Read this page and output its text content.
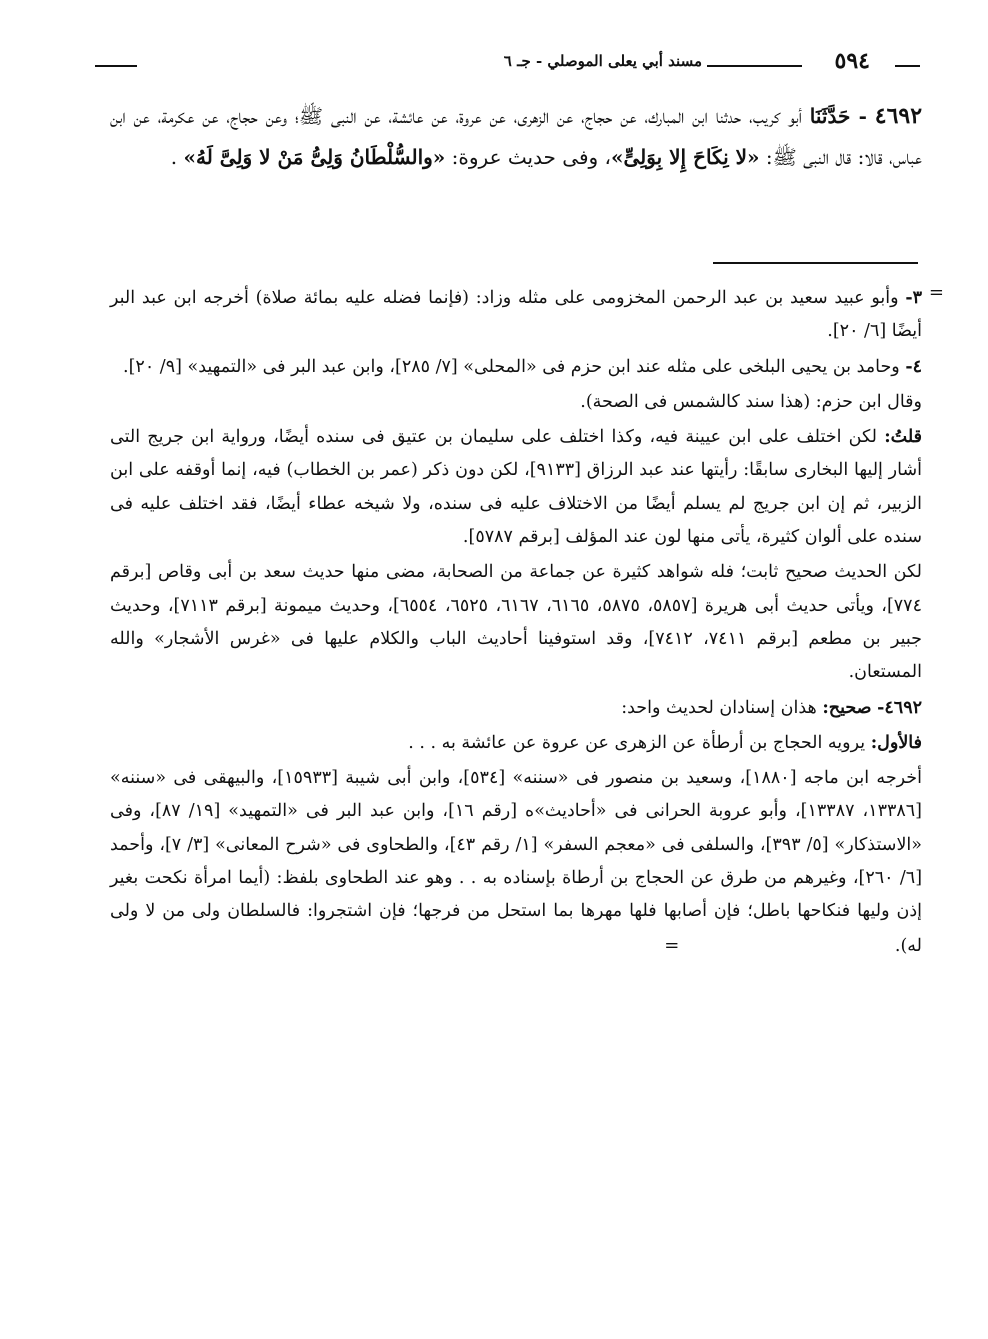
٥٩٤
مسند أبي يعلى الموصلي - جـ ٦

٤٦٩٢ - حَدَّثَنَا أبو كريب، حدثنا ابن المبارك، عن حجاج، عن الزهرى، عن عروة، عن عائشة، عن النبى ﷺ؛ وعن حجاج، عن عكرمة، عن ابن عباس، قالا: قال النبى ﷺ: «لا نِكَاحَ إِلا بِوَلِىٍّ»، وفى حديث عروة: «والسُّلْطَانُ وَلِىُّ مَنْ لا وَلِىَّ لَهُ» .

=

٣- وأبو عبيد سعيد بن عبد الرحمن المخزومى على مثله وزاد: (فإنما فضله عليه بمائة صلاة) أخرجه ابن عبد البر أيضًا [٦/ ٢٠].

٤- وحامد بن يحيى البلخى على مثله عند ابن حزم فى «المحلى» [٧/ ٢٨٥]، وابن عبد البر فى «التمهيد» [٩/ ٢٠].

وقال ابن حزم: (هذا سند كالشمس فى الصحة).

قلتُ: لكن اختلف على ابن عيينة فيه، وكذا اختلف على سليمان بن عتيق فى سنده أيضًا، ورواية ابن جريج التى أشار إليها البخارى سابقًا: رأيتها عند عبد الرزاق [٩١٣٣]، لكن دون ذكر (عمر بن الخطاب) فيه، إنما أوقفه على ابن الزبير، ثم إن ابن جريج لم يسلم أيضًا من الاختلاف عليه فى سنده، ولا شيخه عطاء أيضًا، فقد اختلف عليه فى سنده على ألوان كثيرة، يأتى منها لون عند المؤلف [برقم ٥٧٨٧].

لكن الحديث صحيح ثابت؛ فله شواهد كثيرة عن جماعة من الصحابة، مضى منها حديث سعد بن أبى وقاص [برقم ٧٧٤]، ويأتى حديث أبى هريرة [٥٨٥٧، ٥٨٧٥، ٦١٦٥، ٦١٦٧، ٦٥٢٥، ٦٥٥٤]، وحديث ميمونة [برقم ٧١١٣]، وحديث جبير بن مطعم [برقم ٧٤١١، ٧٤١٢]، وقد استوفينا أحاديث الباب والكلام عليها فى «غرس الأشجار» والله المستعان.

٤٦٩٢- صحيح: هذان إسنادان لحديث واحد:

فالأول: يرويه الحجاج بن أرطأة عن الزهرى عن عروة عن عائشة به . . .

أخرجه ابن ماجه [١٨٨٠]، وسعيد بن منصور فى «سننه» [٥٣٤]، وابن أبى شيبة [١٥٩٣٣]، والبيهقى فى «سننه» [١٣٣٨٦، ١٣٣٨٧]، وأبو عروبة الحرانى فى «أحاديث»ه [رقم ١٦]، وابن عبد البر فى «التمهيد» [١٩/ ٨٧]، وفى «الاستذكار» [٥/ ٣٩٣]، والسلفى فى «معجم السفر» [١/ رقم ٤٣]، والطحاوى فى «شرح المعانى» [٣/ ٧]، وأحمد [٦/ ٢٦٠]، وغيرهم من طرق عن الحجاج بن أرطاة بإسناده به . . وهو عند الطحاوى بلفظ: (أيما امرأة نكحت بغير إذن وليها فنكاحها باطل؛ فإن أصابها فلها مهرها بما استحل من فرجها؛ فإن اشتجروا: فالسلطان ولى من لا ولى له). =
